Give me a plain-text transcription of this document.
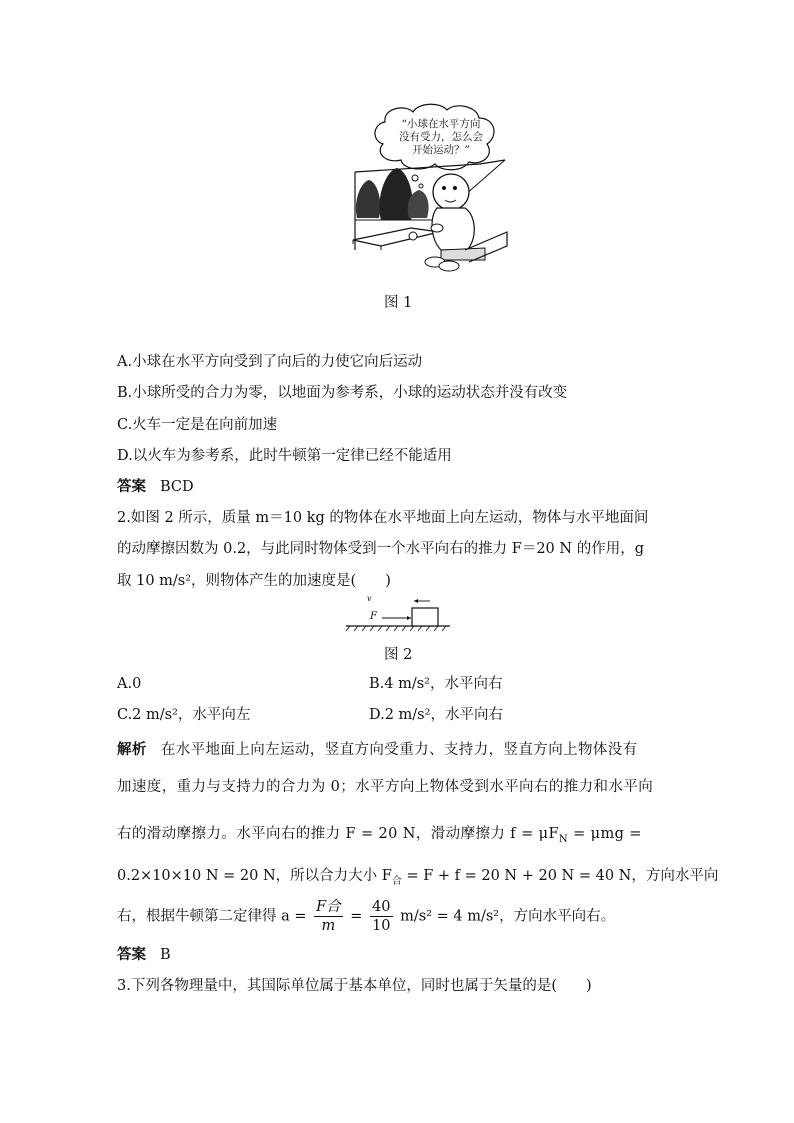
“小球在水平方向
没有受力，怎么会
开始运动？”
图 1
A.小球在水平方向受到了向后的力使它向后运动
B.小球所受的合力为零，以地面为参考系，小球的运动状态并没有改变
C.火车一定是在向前加速
D.以火车为参考系，此时牛顿第一定律已经不能适用
答案 BCD
2.如图 2 所示，质量 m＝10 kg 的物体在水平地面上向左运动，物体与水平地面间
的动摩擦因数为 0.2，与此同时物体受到一个水平向右的推力 F＝20 N 的作用，g
取 10 m/s²，则物体产生的加速度是(　　)
v
F
图 2
A.0	B.4 m/s²，水平向右
C.2 m/s²，水平向左	D.2 m/s²，水平向右
解析 在水平地面上向左运动，竖直方向受重力、支持力，竖直方向上物体没有
加速度，重力与支持力的合力为 0；水平方向上物体受到水平向右的推力和水平向
右的滑动摩擦力。水平向右的推力 F = 20 N，滑动摩擦力 $f = \mu F_N = \mu mg$ =
0.2×10×10 N = 20 N，所以合力大小 $F_合 = F + f = 20$ N + 20 N = 40 N，方向水平向
右，根据牛顿第二定律得 $a = \frac{\text{F合}}{m} = \frac{40}{10} m/s^2 = 4$ m/s²，方向水平向右。
答案 B
3.下列各物理量中，其国际单位属于基本单位，同时也属于矢量的是(　　)
